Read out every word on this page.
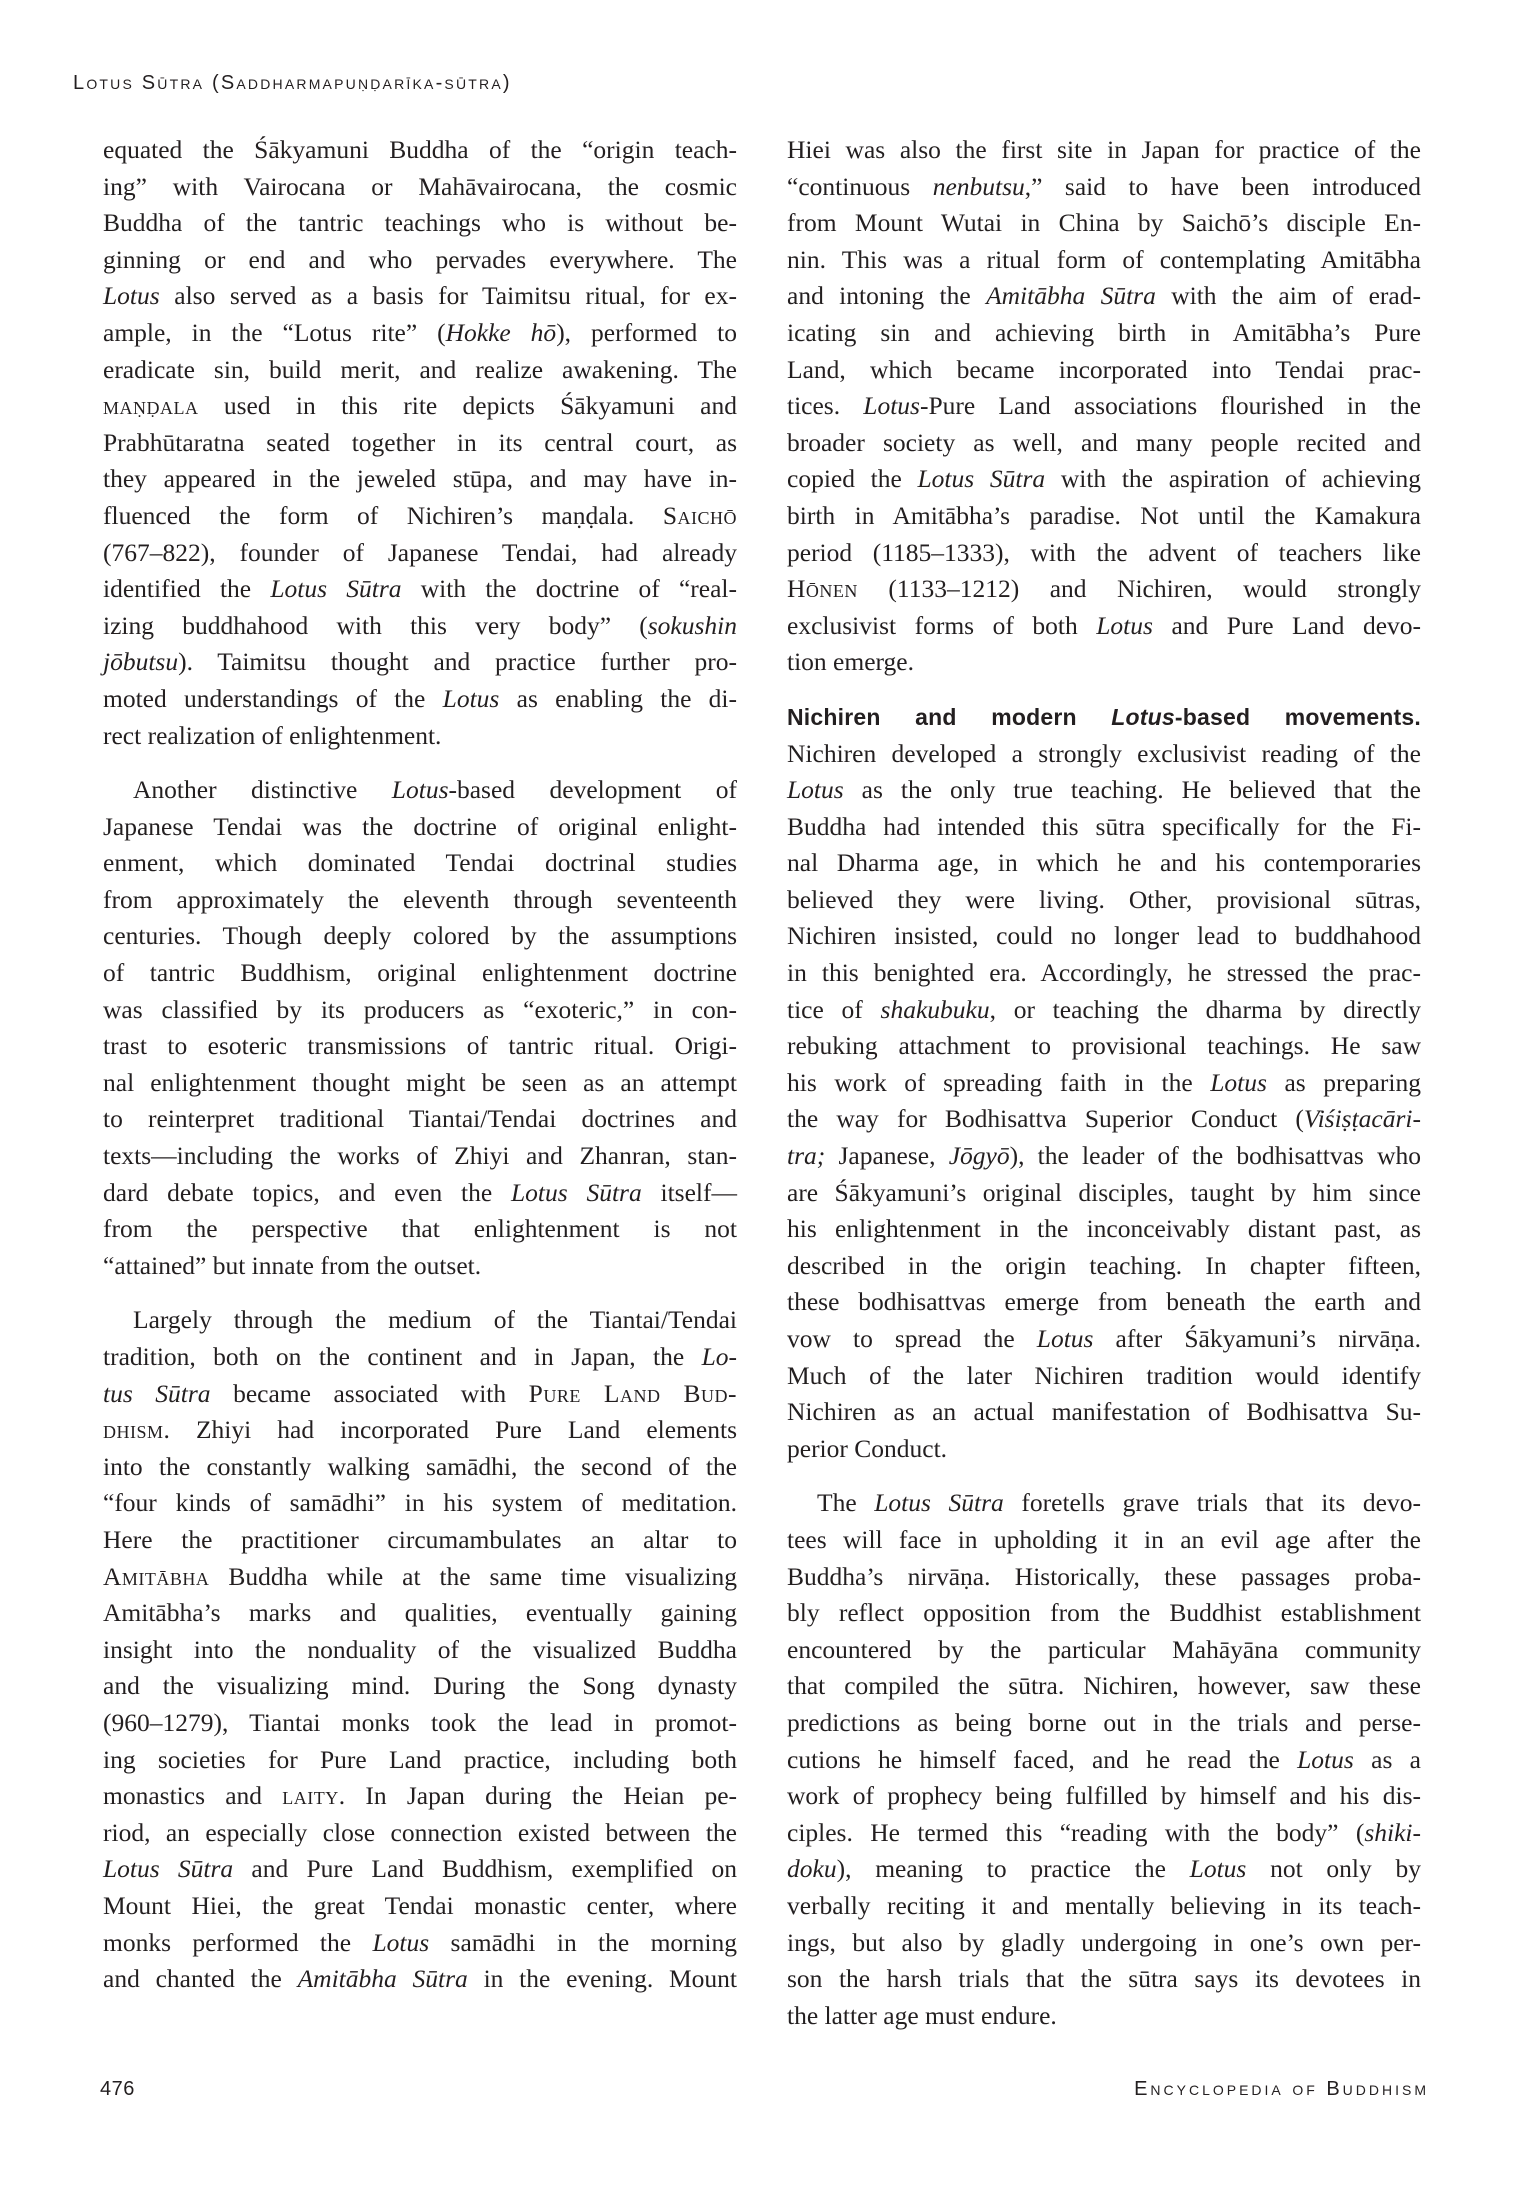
Lotus Sūtra (Saddharmapuṇḍarīka-sūtra)
equated the Śākyamuni Buddha of the “origin teach-
ing” with Vairocana or Mahāvairocana, the cosmic
Buddha of the tantric teachings who is without be-
ginning or end and who pervades everywhere. The
Lotus also served as a basis for Taimitsu ritual, for ex-
ample, in the “Lotus rite” (Hokke hō), performed to
eradicate sin, build merit, and realize awakening. The
maṇḍala used in this rite depicts Śākyamuni and
Prabhūtaratna seated together in its central court, as
they appeared in the jeweled stūpa, and may have in-
fluenced the form of Nichiren’s maṇḍala. Saichō
(767–822), founder of Japanese Tendai, had already
identified the Lotus Sūtra with the doctrine of “real-
izing buddhahood with this very body” (sokushin
jōbutsu). Taimitsu thought and practice further pro-
moted understandings of the Lotus as enabling the di-
rect realization of enlightenment.
Another distinctive Lotus-based development of
Japanese Tendai was the doctrine of original enlight-
enment, which dominated Tendai doctrinal studies
from approximately the eleventh through seventeenth
centuries. Though deeply colored by the assumptions
of tantric Buddhism, original enlightenment doctrine
was classified by its producers as “exoteric,” in con-
trast to esoteric transmissions of tantric ritual. Origi-
nal enlightenment thought might be seen as an attempt
to reinterpret traditional Tiantai/Tendai doctrines and
texts—including the works of Zhiyi and Zhanran, stan-
dard debate topics, and even the Lotus Sūtra itself—
from the perspective that enlightenment is not
“attained” but innate from the outset.
Largely through the medium of the Tiantai/Tendai
tradition, both on the continent and in Japan, the Lo-
tus Sūtra became associated with Pure Land Bud-
dhism. Zhiyi had incorporated Pure Land elements
into the constantly walking samādhi, the second of the
“four kinds of samādhi” in his system of meditation.
Here the practitioner circumambulates an altar to
Amitābha Buddha while at the same time visualizing
Amitābha’s marks and qualities, eventually gaining
insight into the nonduality of the visualized Buddha
and the visualizing mind. During the Song dynasty
(960–1279), Tiantai monks took the lead in promot-
ing societies for Pure Land practice, including both
monastics and laity. In Japan during the Heian pe-
riod, an especially close connection existed between the
Lotus Sūtra and Pure Land Buddhism, exemplified on
Mount Hiei, the great Tendai monastic center, where
monks performed the Lotus samādhi in the morning
and chanted the Amitābha Sūtra in the evening. Mount
Hiei was also the first site in Japan for practice of the
“continuous nenbutsu,” said to have been introduced
from Mount Wutai in China by Saichō’s disciple En-
nin. This was a ritual form of contemplating Amitābha
and intoning the Amitābha Sūtra with the aim of erad-
icating sin and achieving birth in Amitābha’s Pure
Land, which became incorporated into Tendai prac-
tices. Lotus-Pure Land associations flourished in the
broader society as well, and many people recited and
copied the Lotus Sūtra with the aspiration of achieving
birth in Amitābha’s paradise. Not until the Kamakura
period (1185–1333), with the advent of teachers like
Hōnen (1133–1212) and Nichiren, would strongly
exclusivist forms of both Lotus and Pure Land devo-
tion emerge.
Nichiren and modern Lotus-based movements.
Nichiren developed a strongly exclusivist reading of the
Lotus as the only true teaching. He believed that the
Buddha had intended this sūtra specifically for the Fi-
nal Dharma age, in which he and his contemporaries
believed they were living. Other, provisional sūtras,
Nichiren insisted, could no longer lead to buddhahood
in this benighted era. Accordingly, he stressed the prac-
tice of shakubuku, or teaching the dharma by directly
rebuking attachment to provisional teachings. He saw
his work of spreading faith in the Lotus as preparing
the way for Bodhisattva Superior Conduct (Viśiṣṭacāri-
tra; Japanese, Jōgyō), the leader of the bodhisattvas who
are Śākyamuni’s original disciples, taught by him since
his enlightenment in the inconceivably distant past, as
described in the origin teaching. In chapter fifteen,
these bodhisattvas emerge from beneath the earth and
vow to spread the Lotus after Śākyamuni’s nirvāṇa.
Much of the later Nichiren tradition would identify
Nichiren as an actual manifestation of Bodhisattva Su-
perior Conduct.
The Lotus Sūtra foretells grave trials that its devo-
tees will face in upholding it in an evil age after the
Buddha’s nirvāṇa. Historically, these passages proba-
bly reflect opposition from the Buddhist establishment
encountered by the particular Mahāyāna community
that compiled the sūtra. Nichiren, however, saw these
predictions as being borne out in the trials and perse-
cutions he himself faced, and he read the Lotus as a
work of prophecy being fulfilled by himself and his dis-
ciples. He termed this “reading with the body” (shiki-
doku), meaning to practice the Lotus not only by
verbally reciting it and mentally believing in its teach-
ings, but also by gladly undergoing in one’s own per-
son the harsh trials that the sūtra says its devotees in
the latter age must endure.
476	Encyclopedia of Buddhism
